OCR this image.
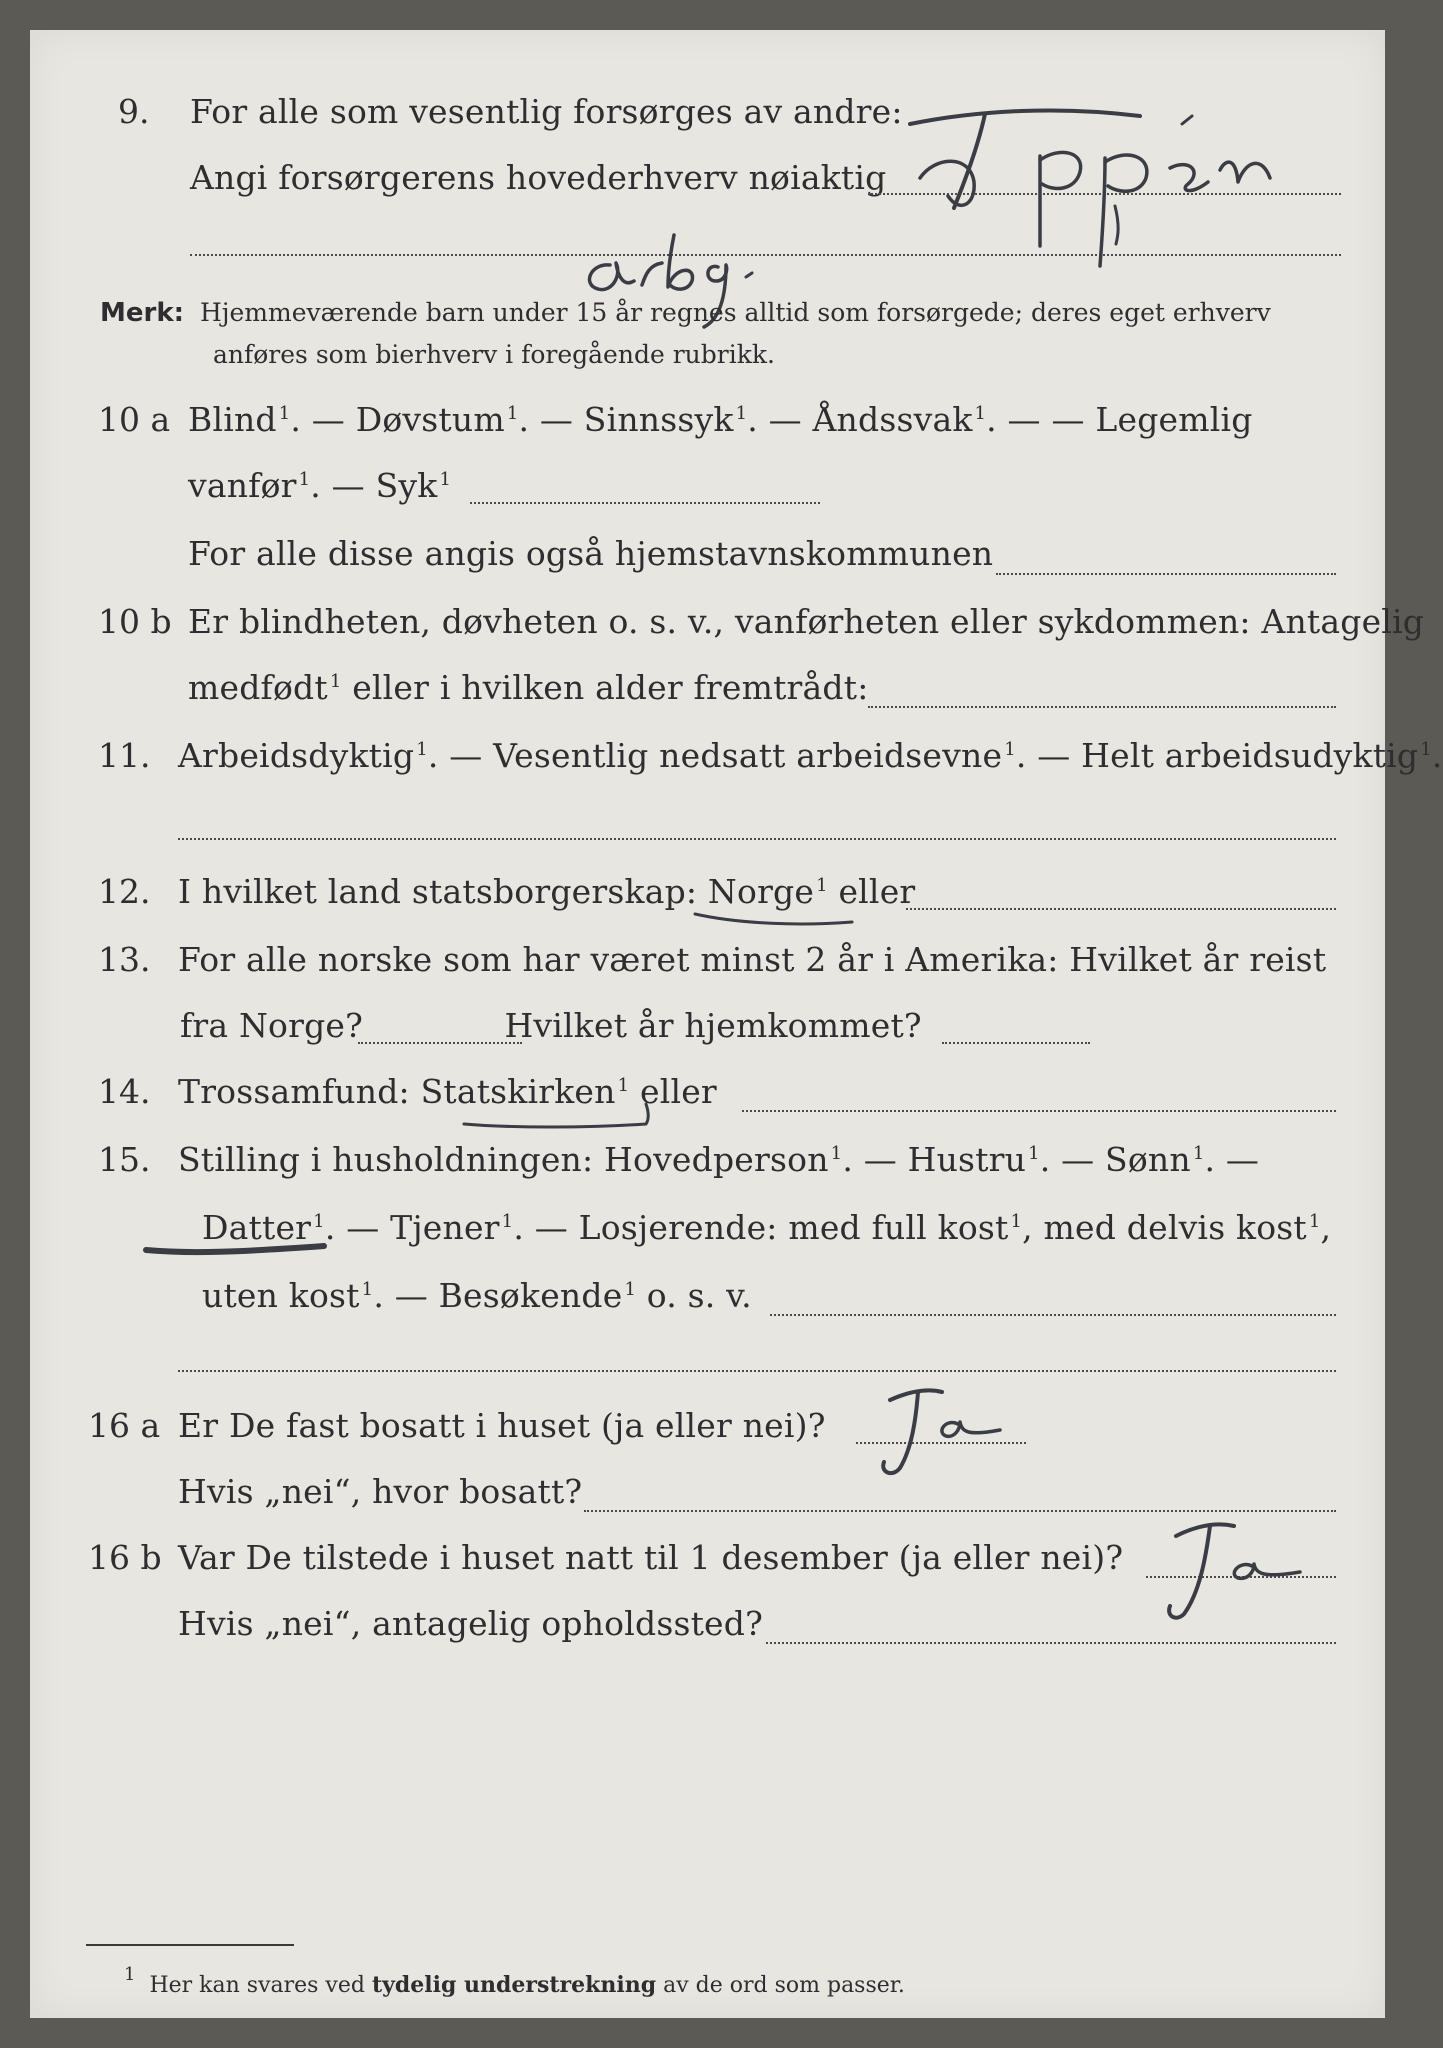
9. For alle som vesentlig forsørges av andre:
Angi forsørgerens hovederhverv nøiaktig
Merk: Hjemmeværende barn under 15 år regnes alltid som forsørgede; deres eget erhverv
anføres som bierhverv i foregående rubrikk.
10 a Blind $^1$. — Døvstum $^1$. — Sinnssyk $^1$. — Åndssvak $^1$. — — Legemlig
vanfør $^1$. — Syk $^1$
For alle disse angis også hjemstavnskommunen
10 b Er blindheten, døvheten o. s. v., vanførheten eller sykdommen: Antagelig
medfødt $^1$ eller i hvilken alder fremtrådt:
11. Arbeidsdyktig $^1$. — Vesentlig nedsatt arbeidsevne $^1$. — Helt arbeidsudyktig $^1$.
12. I hvilket land statsborgerskap: Norge $^1$ eller
13. For alle norske som har været minst 2 år i Amerika: Hvilket år reist
fra Norge?	Hvilket år hjemkommet?
14. Trossamfund: Statskirken $^1$ eller
15. Stilling i husholdningen: Hovedperson $^1$. — Hustru $^1$. — Sønn $^1$. —
Datter $^1$. — Tjener $^1$. — Losjerende: med full kost $^1$, med delvis kost $^1$,
uten kost $^1$. — Besøkende $^1$ o. s. v.
16 a Er De fast bosatt i huset (ja eller nei)?
Hvis „nei“, hvor bosatt?
16 b Var De tilstede i huset natt til 1 desember (ja eller nei)?
Hvis „nei“, antagelig opholdssted?
$^1$ Her kan svares ved tydelig understrekning av de ord som passer.
